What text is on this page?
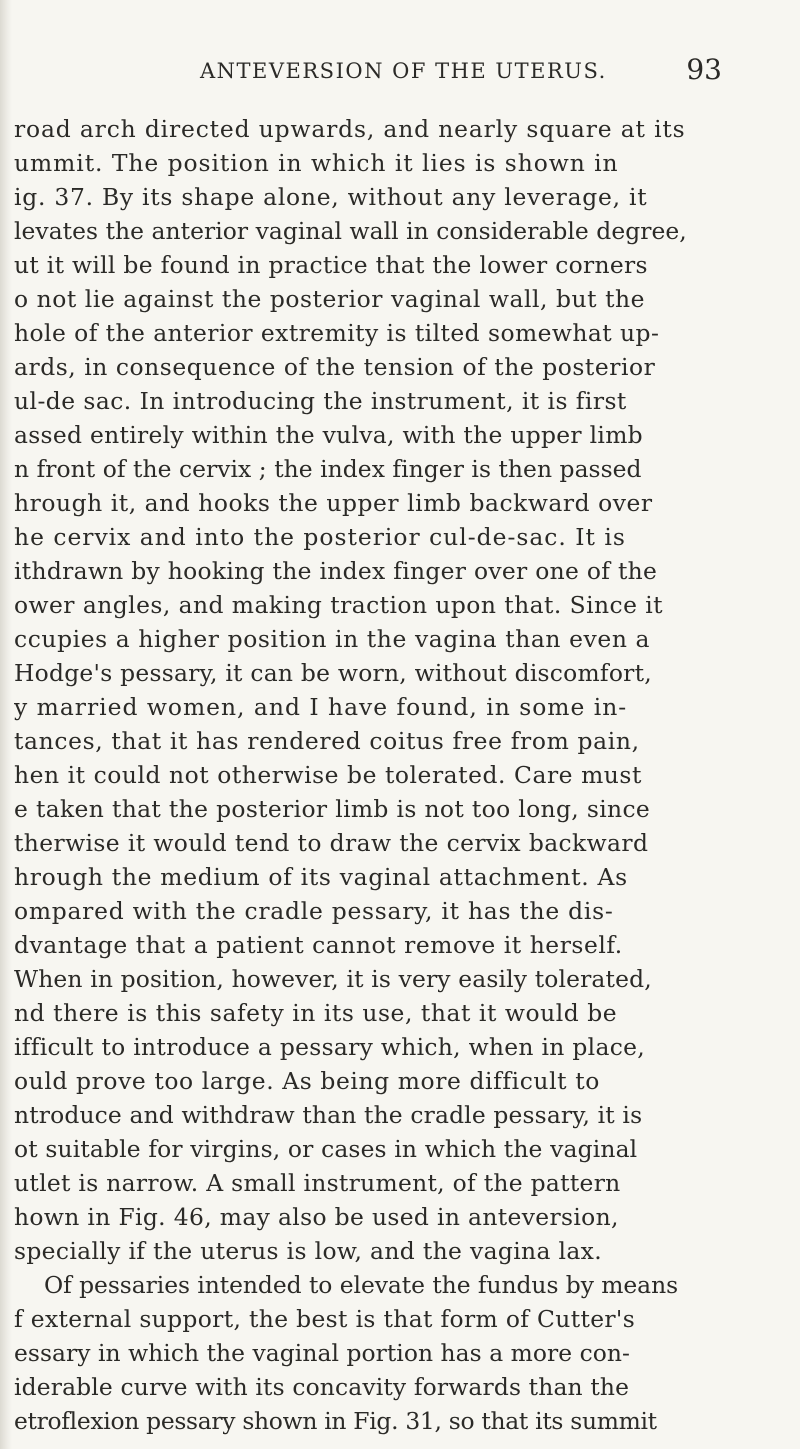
ANTEVERSION OF THE UTERUS.	93
road arch directed upwards, and nearly square at its
ummit. The position in which it lies is shown in
ig. 37. By its shape alone, without any leverage, it
levates the anterior vaginal wall in considerable degree,
ut it will be found in practice that the lower corners
o not lie against the posterior vaginal wall, but the
hole of the anterior extremity is tilted somewhat up-
ards, in consequence of the tension of the posterior
ul-de sac. In introducing the instrument, it is first
assed entirely within the vulva, with the upper limb
n front of the cervix ; the index finger is then passed
hrough it, and hooks the upper limb backward over
he cervix and into the posterior cul-de-sac. It is
ithdrawn by hooking the index finger over one of the
ower angles, and making traction upon that. Since it
ccupies a higher position in the vagina than even a
Hodge's pessary, it can be worn, without discomfort,
y married women, and I have found, in some in-
tances, that it has rendered coitus free from pain,
hen it could not otherwise be tolerated. Care must
e taken that the posterior limb is not too long, since
therwise it would tend to draw the cervix backward
hrough the medium of its vaginal attachment. As
ompared with the cradle pessary, it has the dis-
dvantage that a patient cannot remove it herself.
When in position, however, it is very easily tolerated,
nd there is this safety in its use, that it would be
ifficult to introduce a pessary which, when in place,
ould prove too large. As being more difficult to
ntroduce and withdraw than the cradle pessary, it is
ot suitable for virgins, or cases in which the vaginal
utlet is narrow. A small instrument, of the pattern
hown in Fig. 46, may also be used in anteversion,
specially if the uterus is low, and the vagina lax.
Of pessaries intended to elevate the fundus by means
f external support, the best is that form of Cutter's
essary in which the vaginal portion has a more con-
iderable curve with its concavity forwards than the
etroflexion pessary shown in Fig. 31, so that its summit
